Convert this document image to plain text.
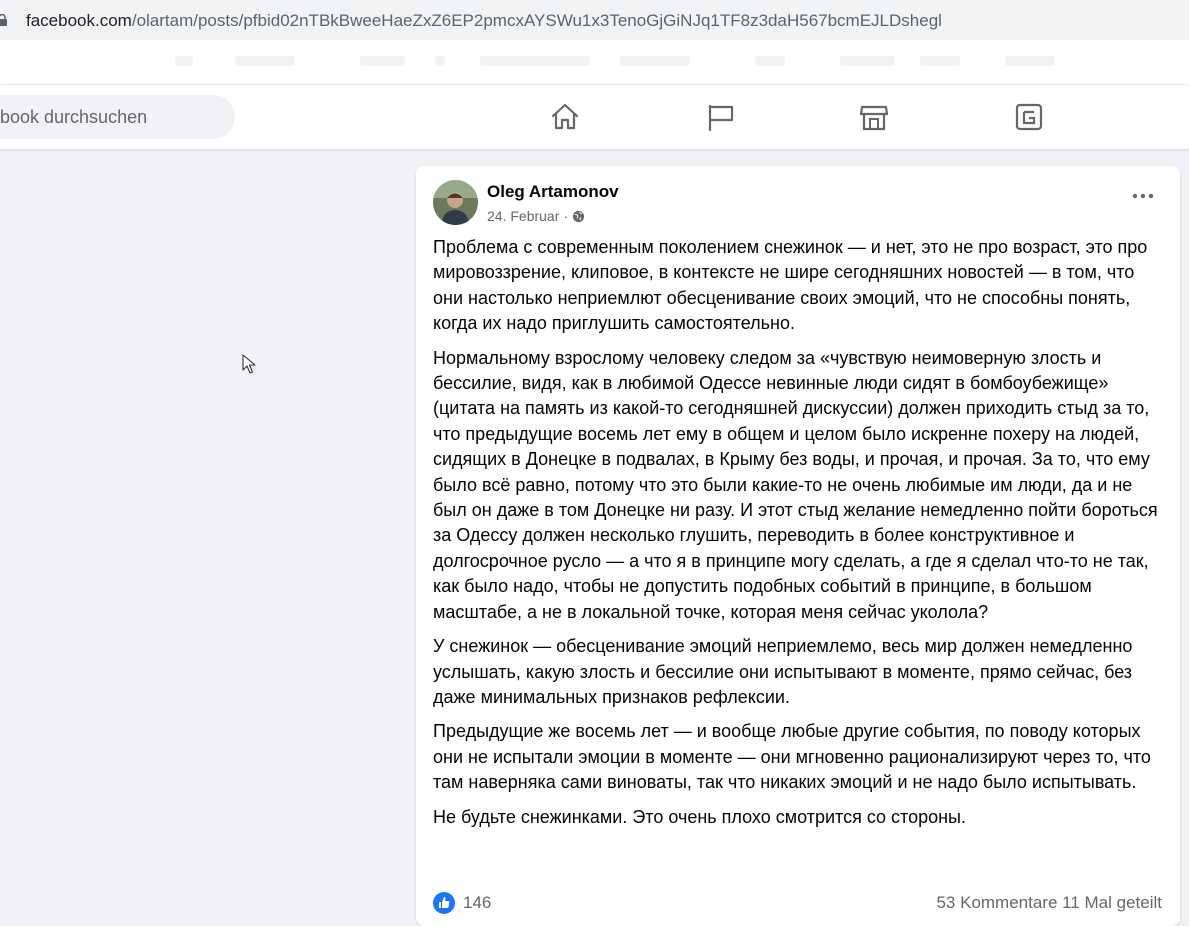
facebook.com/olartam/posts/pfbid02nTBkBweeHaeZxZ6EP2pmcxAYSWu1x3TenoGjGiNJq1TF8z3daH567bcmEJLDshegl
book durchsuchen
Oleg Artamonov
24. Februar ·

Проблема с современным поколением снежинок — и нет, это не про возраст, это про мировоззрение, клиповое, в контексте не шире сегодняшних новостей — в том, что они настолько неприемлют обесценивание своих эмоций, что не способны понять, когда их надо приглушить самостоятельно.

Нормальному взрослому человеку следом за «чувствую неимоверную злость и бессилие, видя, как в любимой Одессе невинные люди сидят в бомбоубежище» (цитата на память из какой-то сегодняшней дискуссии) должен приходить стыд за то, что предыдущие восемь лет ему в общем и целом было искренне похеру на людей, сидящих в Донецке в подвалах, в Крыму без воды, и прочая, и прочая. За то, что ему было всё равно, потому что это были какие-то не очень любимые им люди, да и не был он даже в том Донецке ни разу. И этот стыд желание немедленно пойти бороться за Одессу должен несколько глушить, переводить в более конструктивное и долгосрочное русло — а что я в принципе могу сделать, а где я сделал что-то не так, как было надо, чтобы не допустить подобных событий в принципе, в большом масштабе, а не в локальной точке, которая меня сейчас уколола?

У снежинок — обесценивание эмоций неприемлемо, весь мир должен немедленно услышать, какую злость и бессилие они испытывают в моменте, прямо сейчас, без даже минимальных признаков рефлексии.

Предыдущие же восемь лет — и вообще любые другие события, по поводу которых они не испытали эмоции в моменте — они мгновенно рационализируют через то, что там наверняка сами виноваты, так что никаких эмоций и не надо было испытывать.

Не будьте снежинками. Это очень плохо смотрится со стороны.

146	53 Kommentare 11 Mal geteilt
